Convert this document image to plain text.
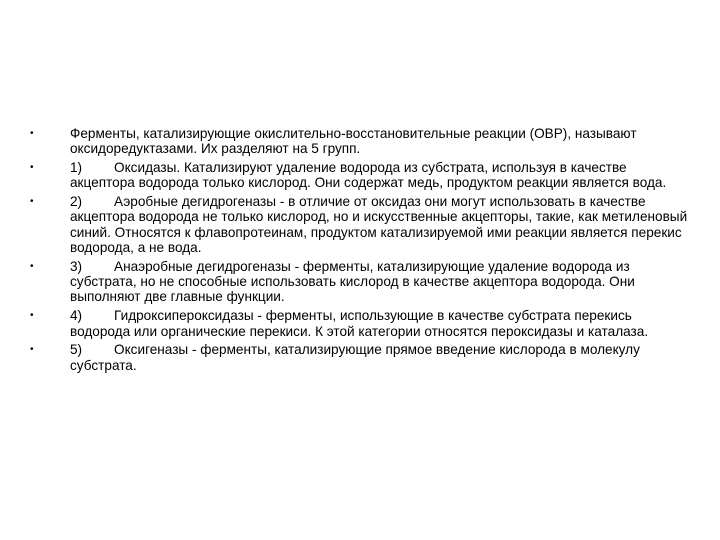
•	Ферменты, катализирующие окислительно-восстановительные реакции (ОВР), называют оксидоредуктазами. Их разделяют на 5 групп.
•	1) Оксидазы. Катализируют удаление водорода из субстрата, используя в качестве акцептора водорода только кислород. Они содержат медь, продуктом реакции является вода.
•	2) Аэробные дегидрогеназы - в отличие от оксидаз они могут использовать в качестве акцептора водорода не только кислород, но и искусственные акцепторы, такие, как метиленовый синий. Относятся к флавопротеинам, продуктом катализируемой ими реакции является перекис водорода, а не вода.
•	3) Анаэробные дегидрогеназы - ферменты, катализирующие удаление водорода из субстрата, но не способные использовать кислород в качестве акцептора водорода. Они выполняют две главные функции.
•	4) Гидроксипероксидазы - ферменты, использующие в качестве субстрата перекись водорода или органические перекиси. К этой категории относятся пероксидазы и каталаза.
•	5) Оксигеназы - ферменты, катализирующие прямое введение кислорода в молекулу субстрата.
